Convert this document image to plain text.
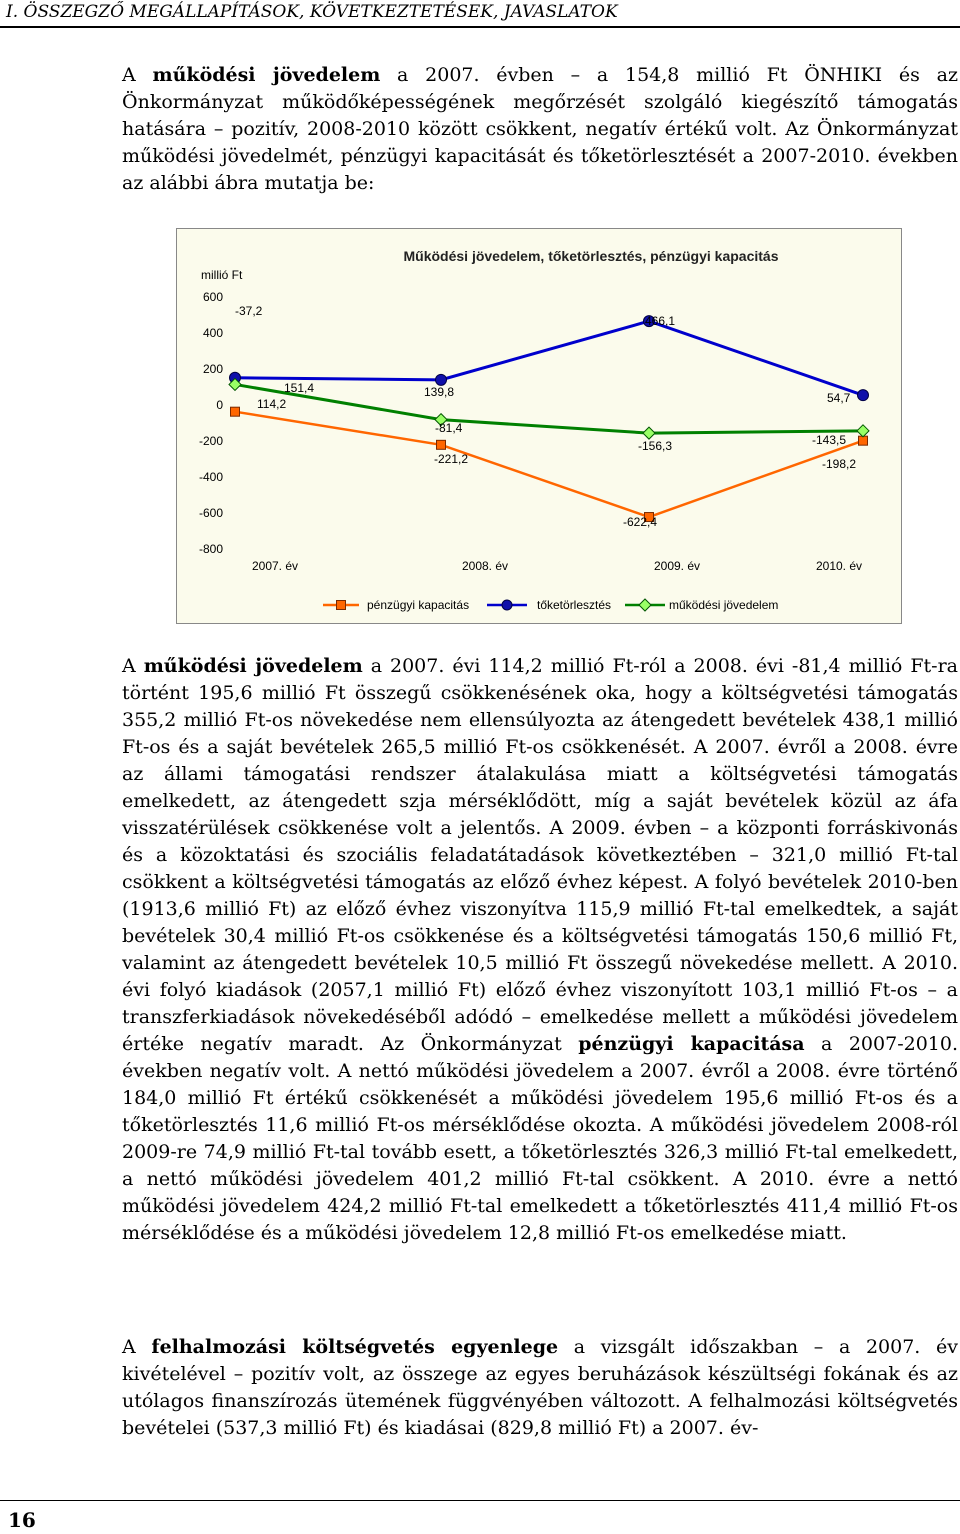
I. ÖSSZEGZŐ MEGÁLLAPÍTÁSOK, KÖVETKEZTETÉSEK, JAVASLATOK
A működési jövedelem a 2007. évben – a 154,8 millió Ft ÖNHIKI és az Önkormányzat működőképességének megőrzését szolgáló kiegészítő támogatás hatására – pozitív, 2008-2010 között csökkent, negatív értékű volt. Az Önkormányzat működési jövedelmét, pénzügyi kapacitását és tőketörlesztését a 2007-2010. években az alábbi ábra mutatja be:
Működési jövedelem, tőketörlesztés, pénzügyi kapacitás
millió Ft
600
400
200
0
-200
-400
-600
-800
2007. év	2008. év	2009. év	2010. év
-37,2
-221,2
-622,4
-198,2
151,4	139,8
466,1
54,7
114,2
-81,4
-156,3	-143,5
pénzügyi kapacitás	tőketörlesztés	működési jövedelem
A működési jövedelem a 2007. évi 114,2 millió Ft-ról a 2008. évi -81,4 millió Ft-ra történt 195,6 millió Ft összegű csökkenésének oka, hogy a költségvetési támogatás 355,2 millió Ft-os növekedése nem ellensúlyozta az átengedett bevételek 438,1 millió Ft-os és a saját bevételek 265,5 millió Ft-os csökkenését. A 2007. évről a 2008. évre az állami támogatási rendszer átalakulása miatt a költségvetési támogatás emelkedett, az átengedett szja mérséklődött, míg a saját bevételek közül az áfa visszatérülések csökkenése volt a jelentős. A 2009. évben – a központi forráskivonás és a közoktatási és szociális feladatátadások következtében – 321,0 millió Ft-tal csökkent a költségvetési támogatás az előző évhez képest. A folyó bevételek 2010-ben (1913,6 millió Ft) az előző évhez viszonyítva 115,9 millió Ft-tal emelkedtek, a saját bevételek 30,4 millió Ft-os csökkenése és a költségvetési támogatás 150,6 millió Ft, valamint az átengedett bevételek 10,5 millió Ft összegű növekedése mellett. A 2010. évi folyó kiadások (2057,1 millió Ft) előző évhez viszonyított 103,1 millió Ft-os – a transzferkiadások növekedéséből adódó – emelkedése mellett a működési jövedelem értéke negatív maradt. Az Önkormányzat pénzügyi kapacitása a 2007-2010. években negatív volt. A nettó működési jövedelem a 2007. évről a 2008. évre történő 184,0 millió Ft értékű csökkenését a működési jövedelem 195,6 millió Ft-os és a tőketörlesztés 11,6 millió Ft-os mérséklődése okozta. A működési jövedelem 2008-ról 2009-re 74,9 millió Ft-tal tovább esett, a tőketörlesztés 326,3 millió Ft-tal emelkedett, a nettó működési jövedelem 401,2 millió Ft-tal csökkent. A 2010. évre a nettó működési jövedelem 424,2 millió Ft-tal emelkedett a tőketörlesztés 411,4 millió Ft-os mérséklődése és a működési jövedelem 12,8 millió Ft-os emelkedése miatt.
A felhalmozási költségvetés egyenlege a vizsgált időszakban – a 2007. év kivételével – pozitív volt, az összege az egyes beruházások készültségi fokának és az utólagos finanszírozás ütemének függvényében változott. A felhalmozási költségvetés bevételei (537,3 millió Ft) és kiadásai (829,8 millió Ft) a 2007. év-
16
